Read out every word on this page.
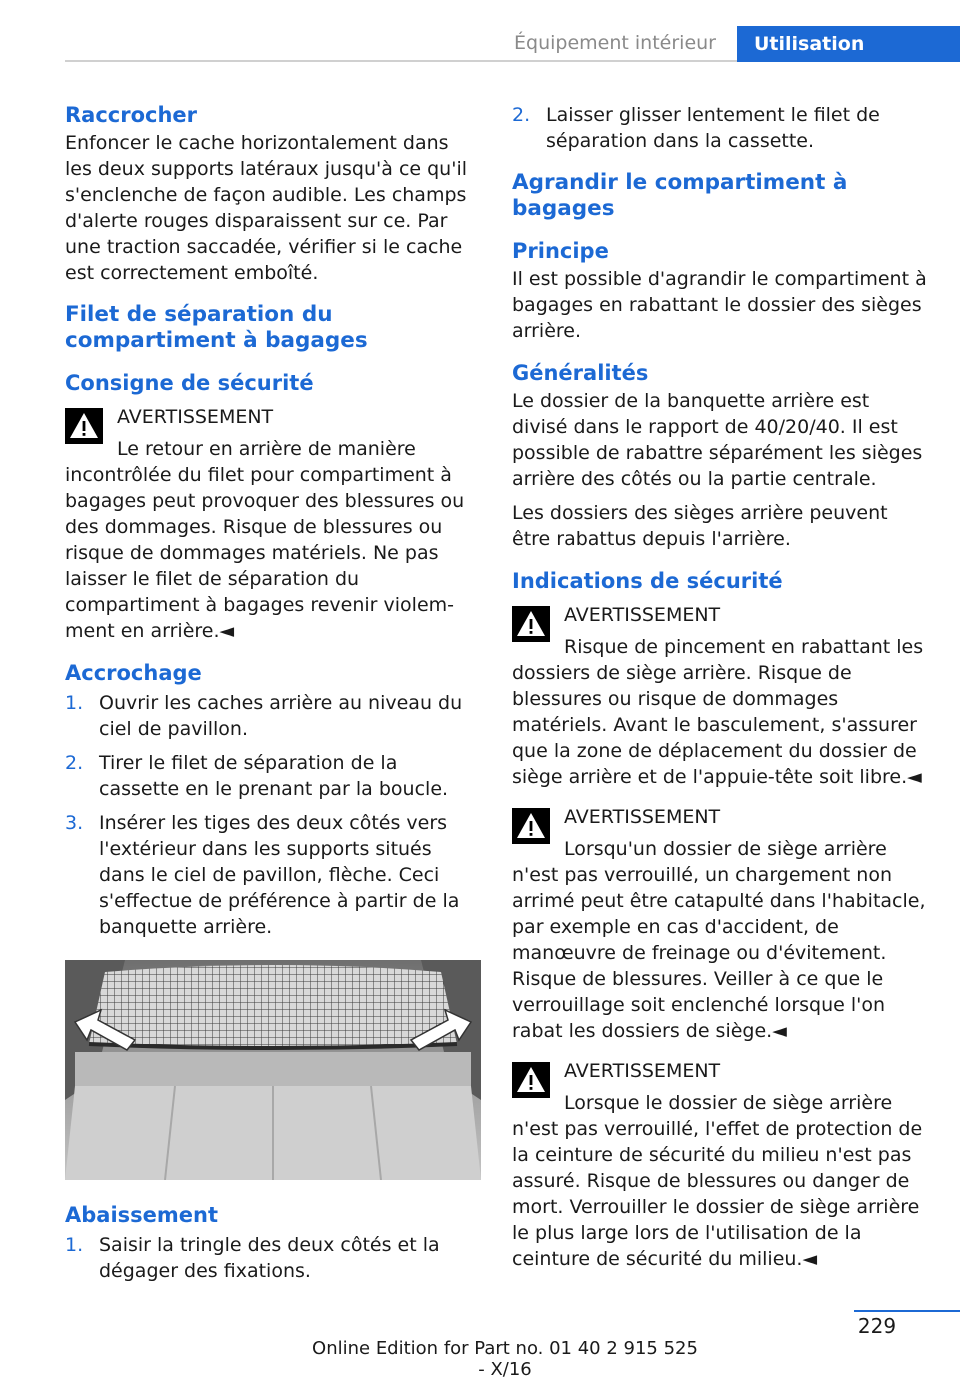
Équipement intérieur	Utilisation
Raccrocher

Enfoncer le cache horizontalement dans les deux supports latéraux jusqu'à ce qu'il s'enclenche de façon audible. Les champs d'alerte rouges disparaissent sur ce. Par une traction saccadée, vérifier si le cache est correctement emboîté.

Filet de séparation du compartiment à bagages
Consigne de sécurité
AVERTISSEMENT
Le retour en arrière de manière incontrôlée du filet pour compartiment à bagages peut provoquer des blessures ou des dommages. Risque de blessures ou risque de dommages matériels. Ne pas laisser le filet de séparation du compartiment à bagages revenir violemment en arrière.◄
Accrochage
1. Ouvrir les caches arrière au niveau du ciel de pavillon.
2. Tirer le filet de séparation de la cassette en le prenant par la boucle.
3. Insérer les tiges des deux côtés vers l'extérieur dans les supports situés dans le ciel de pavillon, flèche. Ceci s'effectue de préférence à partir de la banquette arrière.
Abaissement
1. Saisir la tringle des deux côtés et la dégager des fixations.
2. Laisser glisser lentement le filet de séparation dans la cassette.
Agrandir le compartiment à bagages
Principe

Il est possible d'agrandir le compartiment à bagages en rabattant le dossier des sièges arrière.

Généralités

Le dossier de la banquette arrière est divisé dans le rapport de 40/20/40. Il est possible de rabattre séparément les sièges arrière des côtés ou la partie centrale.

Les dossiers des sièges arrière peuvent être rabattus depuis l'arrière.

Indications de sécurité
AVERTISSEMENT
Risque de pincement en rabattant les dossiers de siège arrière. Risque de blessures ou risque de dommages matériels. Avant le basculement, s'assurer que la zone de déplacement du dossier de siège arrière et de l'appuie-tête soit libre.◄
AVERTISSEMENT
Lorsqu'un dossier de siège arrière n'est pas verrouillé, un chargement non arrimé peut être catapulté dans l'habitacle, par exemple en cas d'accident, de manœuvre de freinage ou d'évitement. Risque de blessures. Veiller à ce que le verrouillage soit enclenché lorsque l'on rabat les dossiers de siège.◄
AVERTISSEMENT
Lorsque le dossier de siège arrière n'est pas verrouillé, l'effet de protection de la ceinture de sécurité du milieu n'est pas assuré. Risque de blessures ou danger de mort. Verrouiller le dossier de siège arrière le plus large lors de l'utilisation de la ceinture de sécurité du milieu.◄
229
Online Edition for Part no. 01 40 2 915 525 - X/16
